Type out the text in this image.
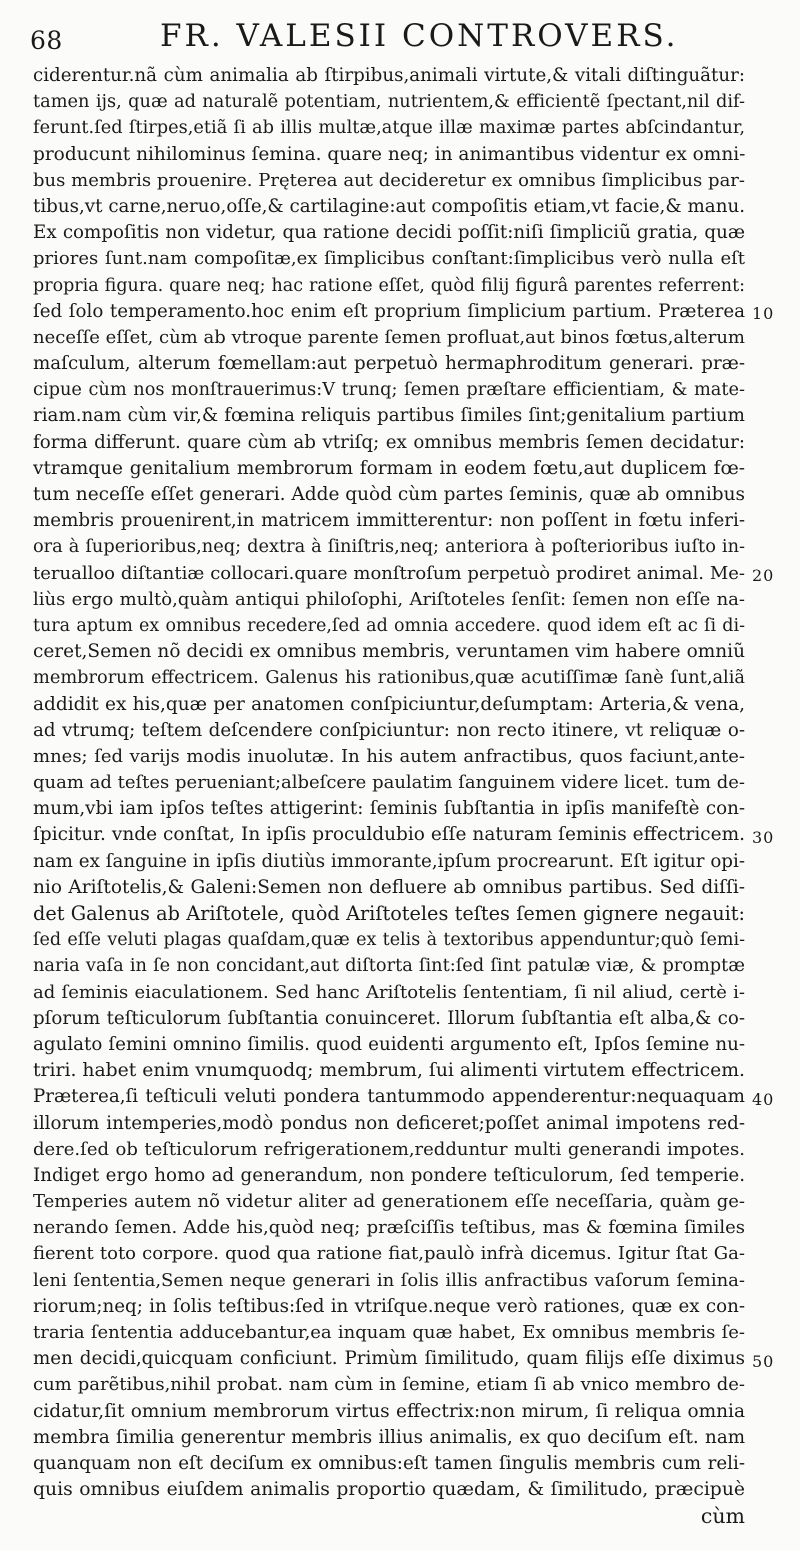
68	FR. VALESII CONTROVERS.
ciderentur.nã cùm animalia ab ſtirpibus,animali virtute,& vitali diſtinguãtur:
tamen ijs, quæ ad naturalẽ potentiam, nutrientem,& efficientẽ ſpectant,nil dif-
ferunt.ſed ſtirpes,etiã ſi ab illis multæ,atque illæ maximæ partes abſcindantur,
producunt nihilominus ſemina. quare neq; in animantibus videntur ex omni-
bus membris prouenire. Pręterea aut decideretur ex omnibus ſimplicibus par-
tibus,vt carne,neruo,oſſe,& cartilagine:aut compoſitis etiam,vt facie,& manu.
Ex compoſitis non videtur, qua ratione decidi poſſit:niſi ſimpliciũ gratia, quæ
priores ſunt.nam compoſitæ,ex ſimplicibus conſtant:ſimplicibus verò nulla eſt
propria figura. quare neq; hac ratione eſſet, quòd filij figurâ parentes referrent:
ſed ſolo temperamento.hoc enim eſt proprium ſimplicium partium. Præterea
neceſſe eſſet, cùm ab vtroque parente ſemen profluat,aut binos fœtus,alterum
maſculum, alterum fœmellam:aut perpetuò hermaphroditum generari. præ-
cipue cùm nos monſtrauerimus:V trunq; ſemen præſtare efficientiam, & mate-
riam.nam cùm vir,& fœmina reliquis partibus ſimiles ſint;genitalium partium
forma differunt. quare cùm ab vtriſq; ex omnibus membris ſemen decidatur:
vtramque genitalium membrorum formam in eodem fœtu,aut duplicem fœ-
tum neceſſe eſſet generari. Adde quòd cùm partes ſeminis, quæ ab omnibus
membris prouenirent,in matricem immitterentur: non poſſent in fœtu inferi-
ora à ſuperioribus,neq; dextra à ſiniſtris,neq; anteriora à poſterioribus iuſto in-
terualloo diſtantiæ collocari.quare monſtroſum perpetuò prodiret animal. Me-
liùs ergo multò,quàm antiqui philoſophi, Ariſtoteles ſenſit: ſemen non eſſe na-
tura aptum ex omnibus recedere,ſed ad omnia accedere. quod idem eſt ac ſi di-
ceret,Semen nõ decidi ex omnibus membris, veruntamen vim habere omniũ
membrorum effectricem. Galenus his rationibus,quæ acutiſſimæ ſanè ſunt,aliã
addidit ex his,quæ per anatomen conſpiciuntur,deſumptam: Arteria,& vena,
ad vtrumq; teſtem deſcendere conſpiciuntur: non recto itinere, vt reliquæ o-
mnes; ſed varijs modis inuolutæ. In his autem anfractibus, quos faciunt,ante-
quam ad teſtes perueniant;albeſcere paulatim ſanguinem videre licet. tum de-
mum,vbi iam ipſos teſtes attigerint: ſeminis ſubſtantia in ipſis manifeſtè con-
ſpicitur. vnde conſtat, In ipſis proculdubio eſſe naturam ſeminis effectricem.
nam ex ſanguine in ipſis diutiùs immorante,ipſum procrearunt. Eſt igitur opi-
nio Ariſtotelis,& Galeni:Semen non defluere ab omnibus partibus. Sed diſſi-
det Galenus ab Ariſtotele, quòd Ariſtoteles teſtes ſemen gignere negauit:
ſed eſſe veluti plagas quaſdam,quæ ex telis à textoribus appenduntur;quò ſemi-
naria vaſa in ſe non concidant,aut diſtorta ſint:ſed ſint patulæ viæ, & promptæ
ad ſeminis eiaculationem. Sed hanc Ariſtotelis ſententiam, ſi nil aliud, certè i-
pſorum teſticulorum ſubſtantia conuinceret. Illorum ſubſtantia eſt alba,& co-
agulato ſemini omnino ſimilis. quod euidenti argumento eſt, Ipſos ſemine nu-
triri. habet enim vnumquodq; membrum, ſui alimenti virtutem effectricem.
Præterea,ſi teſticuli veluti pondera tantummodo appenderentur:nequaquam
illorum intemperies,modò pondus non deficeret;poſſet animal impotens red-
dere.ſed ob teſticulorum refrigerationem,redduntur multi generandi impotes.
Indiget ergo homo ad generandum, non pondere teſticulorum, ſed temperie.
Temperies autem nõ videtur aliter ad generationem eſſe neceſſaria, quàm ge-
nerando ſemen. Adde his,quòd neq; præſciſſis teſtibus, mas & fœmina ſimiles
fierent toto corpore. quod qua ratione fiat,paulò infrà dicemus. Igitur ſtat Ga-
leni ſententia,Semen neque generari in ſolis illis anfractibus vaſorum ſemina-
riorum;neq; in ſolis teſtibus:ſed in vtriſque.neque verò rationes, quæ ex con-
traria ſententia adducebantur,ea inquam quæ habet, Ex omnibus membris ſe-
men decidi,quicquam conficiunt. Primùm ſimilitudo, quam filijs eſſe diximus
cum parẽtibus,nihil probat. nam cùm in ſemine, etiam ſi ab vnico membro de-
cidatur,ſit omnium membrorum virtus effectrix:non mirum, ſi reliqua omnia
membra ſimilia generentur membris illius animalis, ex quo deciſum eſt. nam
quanquam non eſt deciſum ex omnibus:eſt tamen ſingulis membris cum reli-
quis omnibus eiuſdem animalis proportio quædam, & ſimilitudo, præcipuè
cùm
10
20
30
40
50
